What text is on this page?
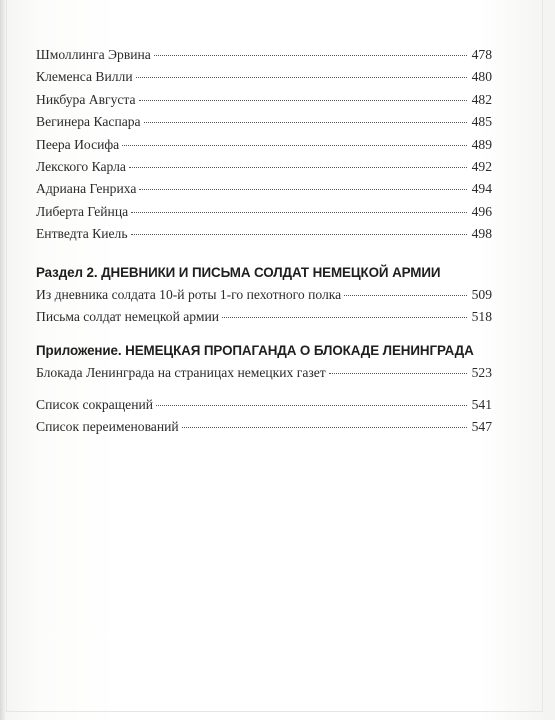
Шмоллинга Эрвина	478
Клеменса Вилли	480
Никбура Августа	482
Вегинера Каспара	485
Пеера Иосифа	489
Лекского Карла	492
Адриана Генриха	494
Либерта Гейнца	496
Ентведта Киель	498
Раздел 2. ДНЕВНИКИ И ПИСЬМА СОЛДАТ НЕМЕЦКОЙ АРМИИ
Из дневника солдата 10-й роты 1-го пехотного полка	509
Письма солдат немецкой армии	518
Приложение. НЕМЕЦКАЯ ПРОПАГАНДА О БЛОКАДЕ ЛЕНИНГРАДА
Блокада Ленинграда на страницах немецких газет	523
Список сокращений	541
Список переименований	547
